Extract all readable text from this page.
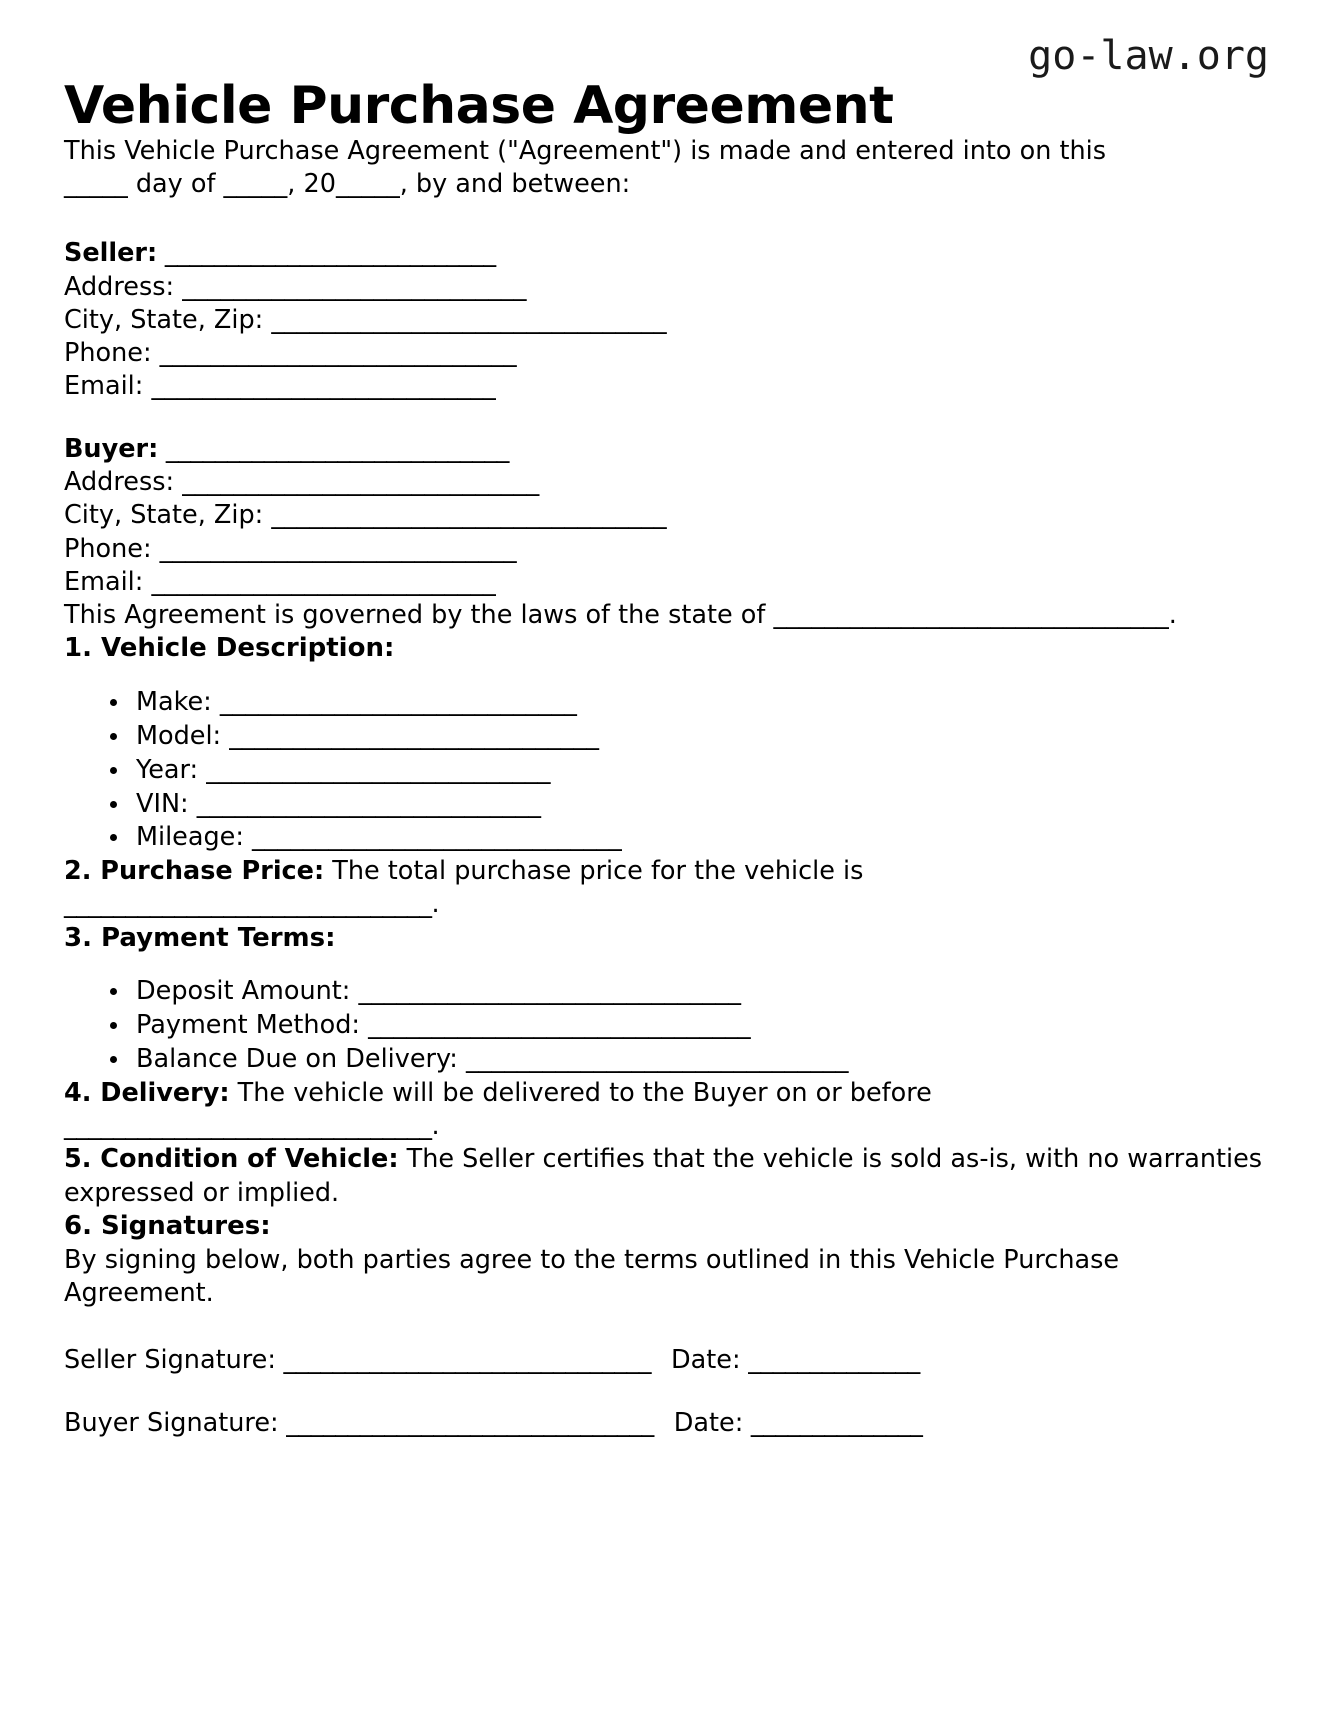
go-law.org
Vehicle Purchase Agreement

This Vehicle Purchase Agreement ("Agreement") is made and entered into on this _____ day of _____, 20_____, by and between:

Seller: ___________________________
Address: ___________________________
City, State, Zip: _______________________________
Phone: ____________________________
Email: ___________________________
Buyer: ____________________________
Address: ____________________________
City, State, Zip: _______________________________
Phone: ____________________________
Email: ___________________________

This Agreement is governed by the laws of the state of _______________________________.

1. Vehicle Description:
Make: ____________________________
Model: _____________________________
Year: ___________________________
VIN: ___________________________
Mileage: _____________________________

2. Purchase Price: The total purchase price for the vehicle is
______________________________.

3. Payment Terms:
Deposit Amount: ______________________________
Payment Method: ______________________________
Balance Due on Delivery: ______________________________

4. Delivery: The vehicle will be delivered to the Buyer on or before
______________________________.

5. Condition of Vehicle: The Seller certifies that the vehicle is sold as-is, with no warranties expressed or implied.

6. Signatures:

By signing below, both parties agree to the terms outlined in this Vehicle Purchase Agreement.

Seller Signature: ______________________________ Date: ______________
Buyer Signature: ______________________________ Date: ______________
